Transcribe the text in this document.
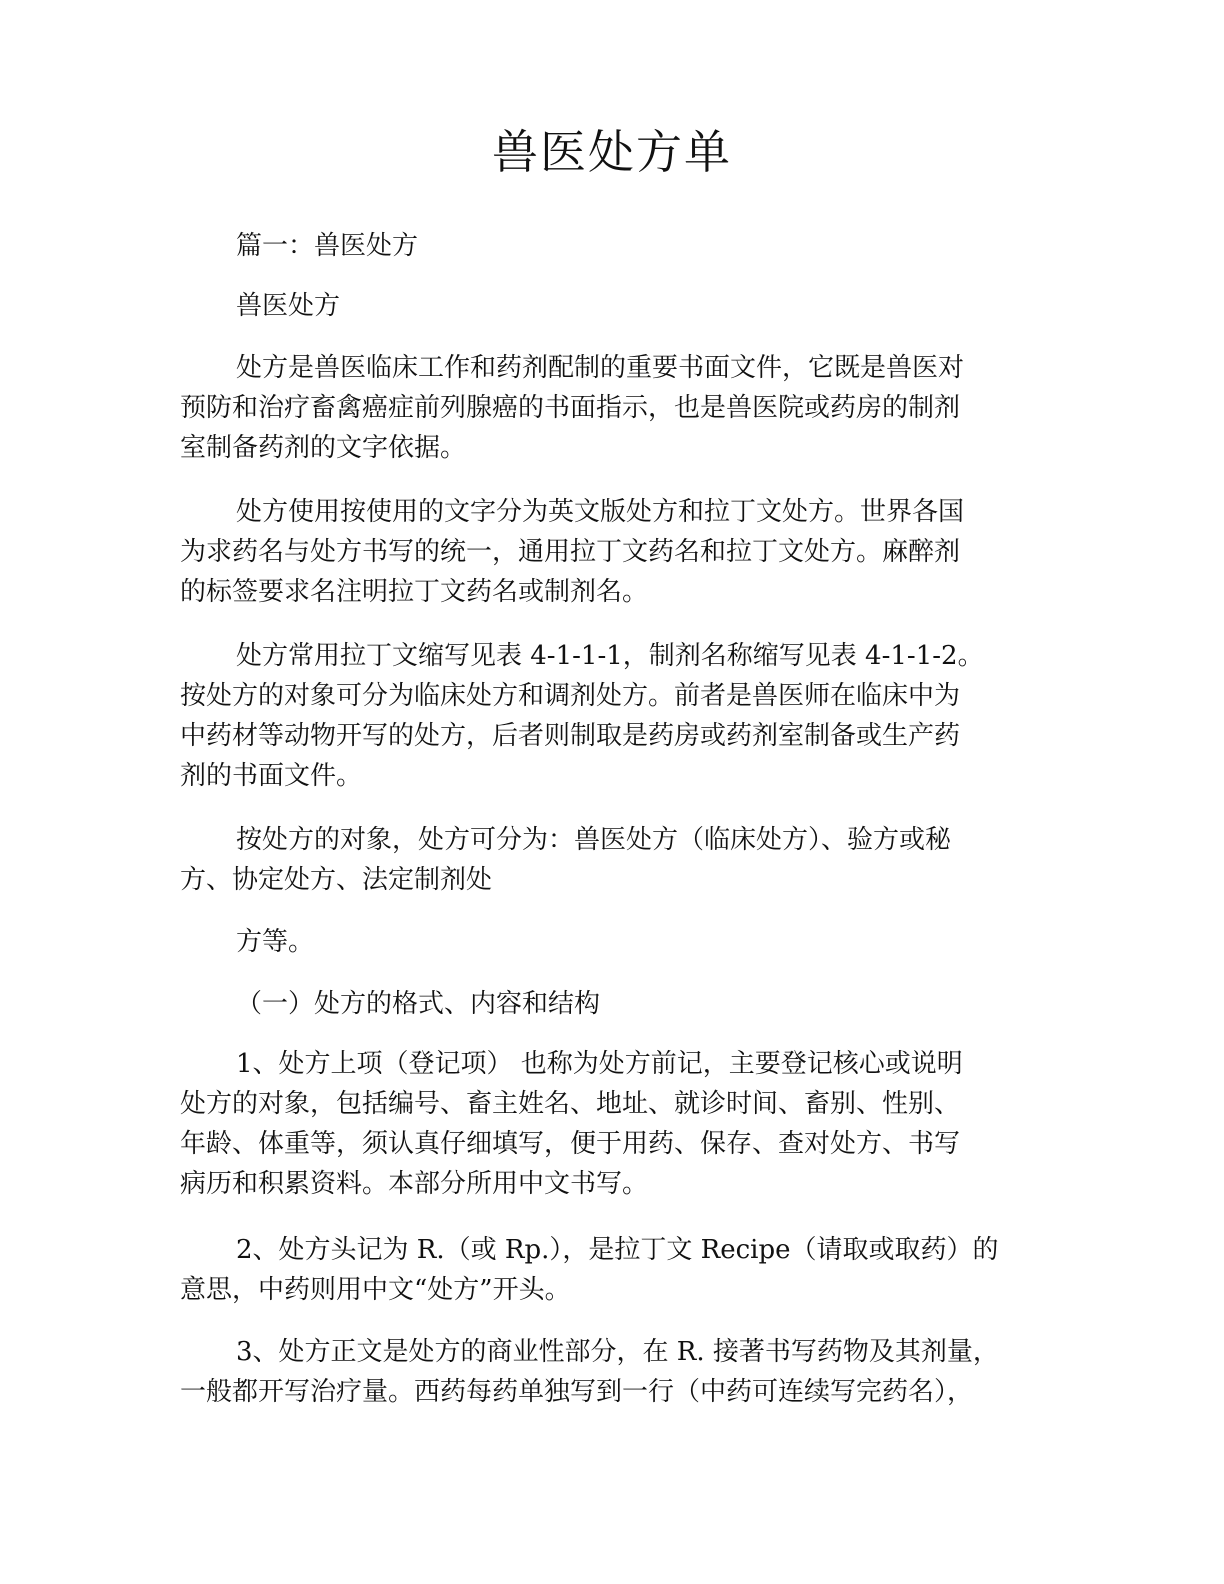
兽医处方单
篇一：兽医处方
兽医处方
处方是兽医临床工作和药剂配制的重要书面文件，它既是兽医对
预防和治疗畜禽癌症前列腺癌的书面指示，也是兽医院或药房的制剂
室制备药剂的文字依据。
处方使用按使用的文字分为英文版处方和拉丁文处方。世界各国
为求药名与处方书写的统一，通用拉丁文药名和拉丁文处方。麻醉剂
的标签要求名注明拉丁文药名或制剂名。
处方常用拉丁文缩写见表 4-1-1-1，制剂名称缩写见表 4-1-1-2。
按处方的对象可分为临床处方和调剂处方。前者是兽医师在临床中为
中药材等动物开写的处方，后者则制取是药房或药剂室制备或生产药
剂的书面文件。
按处方的对象，处方可分为：兽医处方（临床处方）、验方或秘
方、协定处方、法定制剂处
方等。
（一）处方的格式、内容和结构
1、处方上项（登记项） 也称为处方前记，主要登记核心或说明
处方的对象，包括编号、畜主姓名、地址、就诊时间、畜别、性别、
年龄、体重等，须认真仔细填写，便于用药、保存、查对处方、书写
病历和积累资料。本部分所用中文书写。
2、处方头记为 R.（或 Rp.），是拉丁文 Recipe（请取或取药）的
意思，中药则用中文“处方”开头。
3、处方正文是处方的商业性部分，在 R. 接著书写药物及其剂量，
一般都开写治疗量。西药每药单独写到一行（中药可连续写完药名），
